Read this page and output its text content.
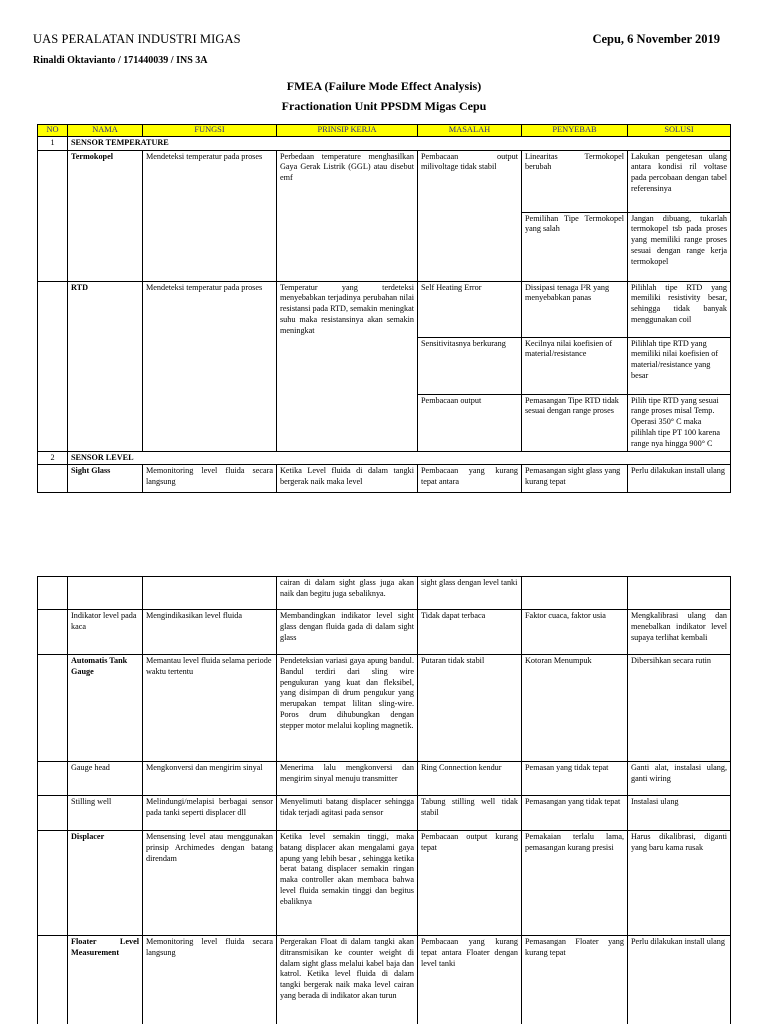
UAS PERALATAN INDUSTRI MIGAS	Cepu, 6 November 2019
Rinaldi Oktavianto / 171440039 / INS 3A
FMEA (Failure Mode Effect Analysis)
Fractionation Unit PPSDM Migas Cepu
NO	NAMA	FUNGSI	PRINSIP KERJA	MASALAH	PENYEBAB	SOLUSI
1	SENSOR TEMPERATURE					
	Termokopel	Mendeteksi temperatur pada proses	Perbedaan temperature menghasilkan Gaya Gerak Listrik (GGL) atau disebut emf	Pembacaan output milivoltage tidak stabil	Linearitas Termokopel berubah	Lakukan pengetesan ulang antara kondisi ril voltase pada percobaan dengan tabel referensinya
					Pemilihan Tipe Termokopel yang salah	Jangan dibuang, tukarlah termokopel tsb pada proses yang memiliki range proses sesuai dengan range kerja termokopel
	RTD	Mendeteksi temperatur pada proses	Temperatur yang terdeteksi menyebabkan terjadinya perubahan nilai resistansi pada RTD, semakin meningkat suhu maka resistansinya akan semakin meningkat	Self Heating Error	Dissipasi tenaga I²R yang menyebabkan panas	Pilihlah tipe RTD yang memiliki resistivity besar, sehingga tidak banyak menggunakan coil
				Sensitivitasnya berkurang	Kecilnya nilai koefisien of material/resistance	Pilihlah tipe RTD yang memiliki nilai koefisien of material/resistance yang besar
				Pembacaan output	Pemasangan Tipe RTD tidak sesuai dengan range proses	Pilih tipe RTD yang sesuai range proses misal Temp. Operasi 350° C maka pilihlah tipe PT 100 karena range nya hingga 900° C
2	SENSOR LEVEL					
	Sight Glass	Memonitoring level fluida secara langsung	Ketika Level fluida di dalam tangki bergerak naik maka level	Pembacaan yang kurang tepat antara	Pemasangan sight glass yang kurang tepat	Perlu dilakukan install ulang
			cairan di dalam sight glass juga akan naik dan begitu juga sebaliknya.	sight glass dengan level tanki		
	Indikator level pada kaca	Mengindikasikan level fluida	Membandingkan indikator level sight glass dengan fluida gada di dalam sight glass	Tidak dapat terbaca	Faktor cuaca, faktor usia	Mengkalibrasi ulang dan menebalkan indikator level supaya terlihat kembali
	Automatis Tank Gauge	Memantau level fluida selama periode waktu tertentu	Pendeteksian variasi gaya apung bandul. Bandul terdiri dari sling wire pengukuran yang kuat dan fleksibel, yang disimpan di drum pengukur yang merupakan tempat lilitan sling-wire. Poros drum dihubungkan dengan stepper motor melalui kopling magnetik.	Putaran tidak stabil	Kotoran Menumpuk	Dibersihkan secara rutin
	Gauge head	Mengkonversi dan mengirim sinyal	Menerima lalu mengkonversi dan mengirim sinyal menuju transmitter	Ring Connection kendur	Pemasan yang tidak tepat	Ganti alat, instalasi ulang, ganti wiring
	Stilling well	Melindungi/melapisi berbagai sensor pada tanki seperti displacer dll	Menyelimuti batang displacer sehingga tidak terjadi agitasi pada sensor	Tabung stilling well tidak stabil	Pemasangan yang tidak tepat	Instalasi ulang
	Displacer	Mensensing level atau menggunakan prinsip Archimedes dengan batang direndam	Ketika level semakin tinggi, maka batang displacer akan mengalami gaya apung yang lebih besar , sehingga ketika berat batang displacer semakin ringan maka controller akan membaca bahwa level fluida semakin tinggi dan begitus ebaliknya	Pembacaan output kurang tepat	Pemakaian terlalu lama, pemasangan kurang presisi	Harus dikalibrasi, diganti yang baru kama rusak
	Floater Level Measurement	Memonitoring level fluida secara langsung	Pergerakan Float di dalam tangki akan ditransmisikan ke counter weight di dalam sight glass melalui kabel baja dan katrol. Ketika level fluida di dalam tangki bergerak naik maka level cairan yang berada di indikator akan turun	Pembacaan yang kurang tepat antara Floater dengan level tanki	Pemasangan Floater yang kurang tepat	Perlu dilakukan install ulang
